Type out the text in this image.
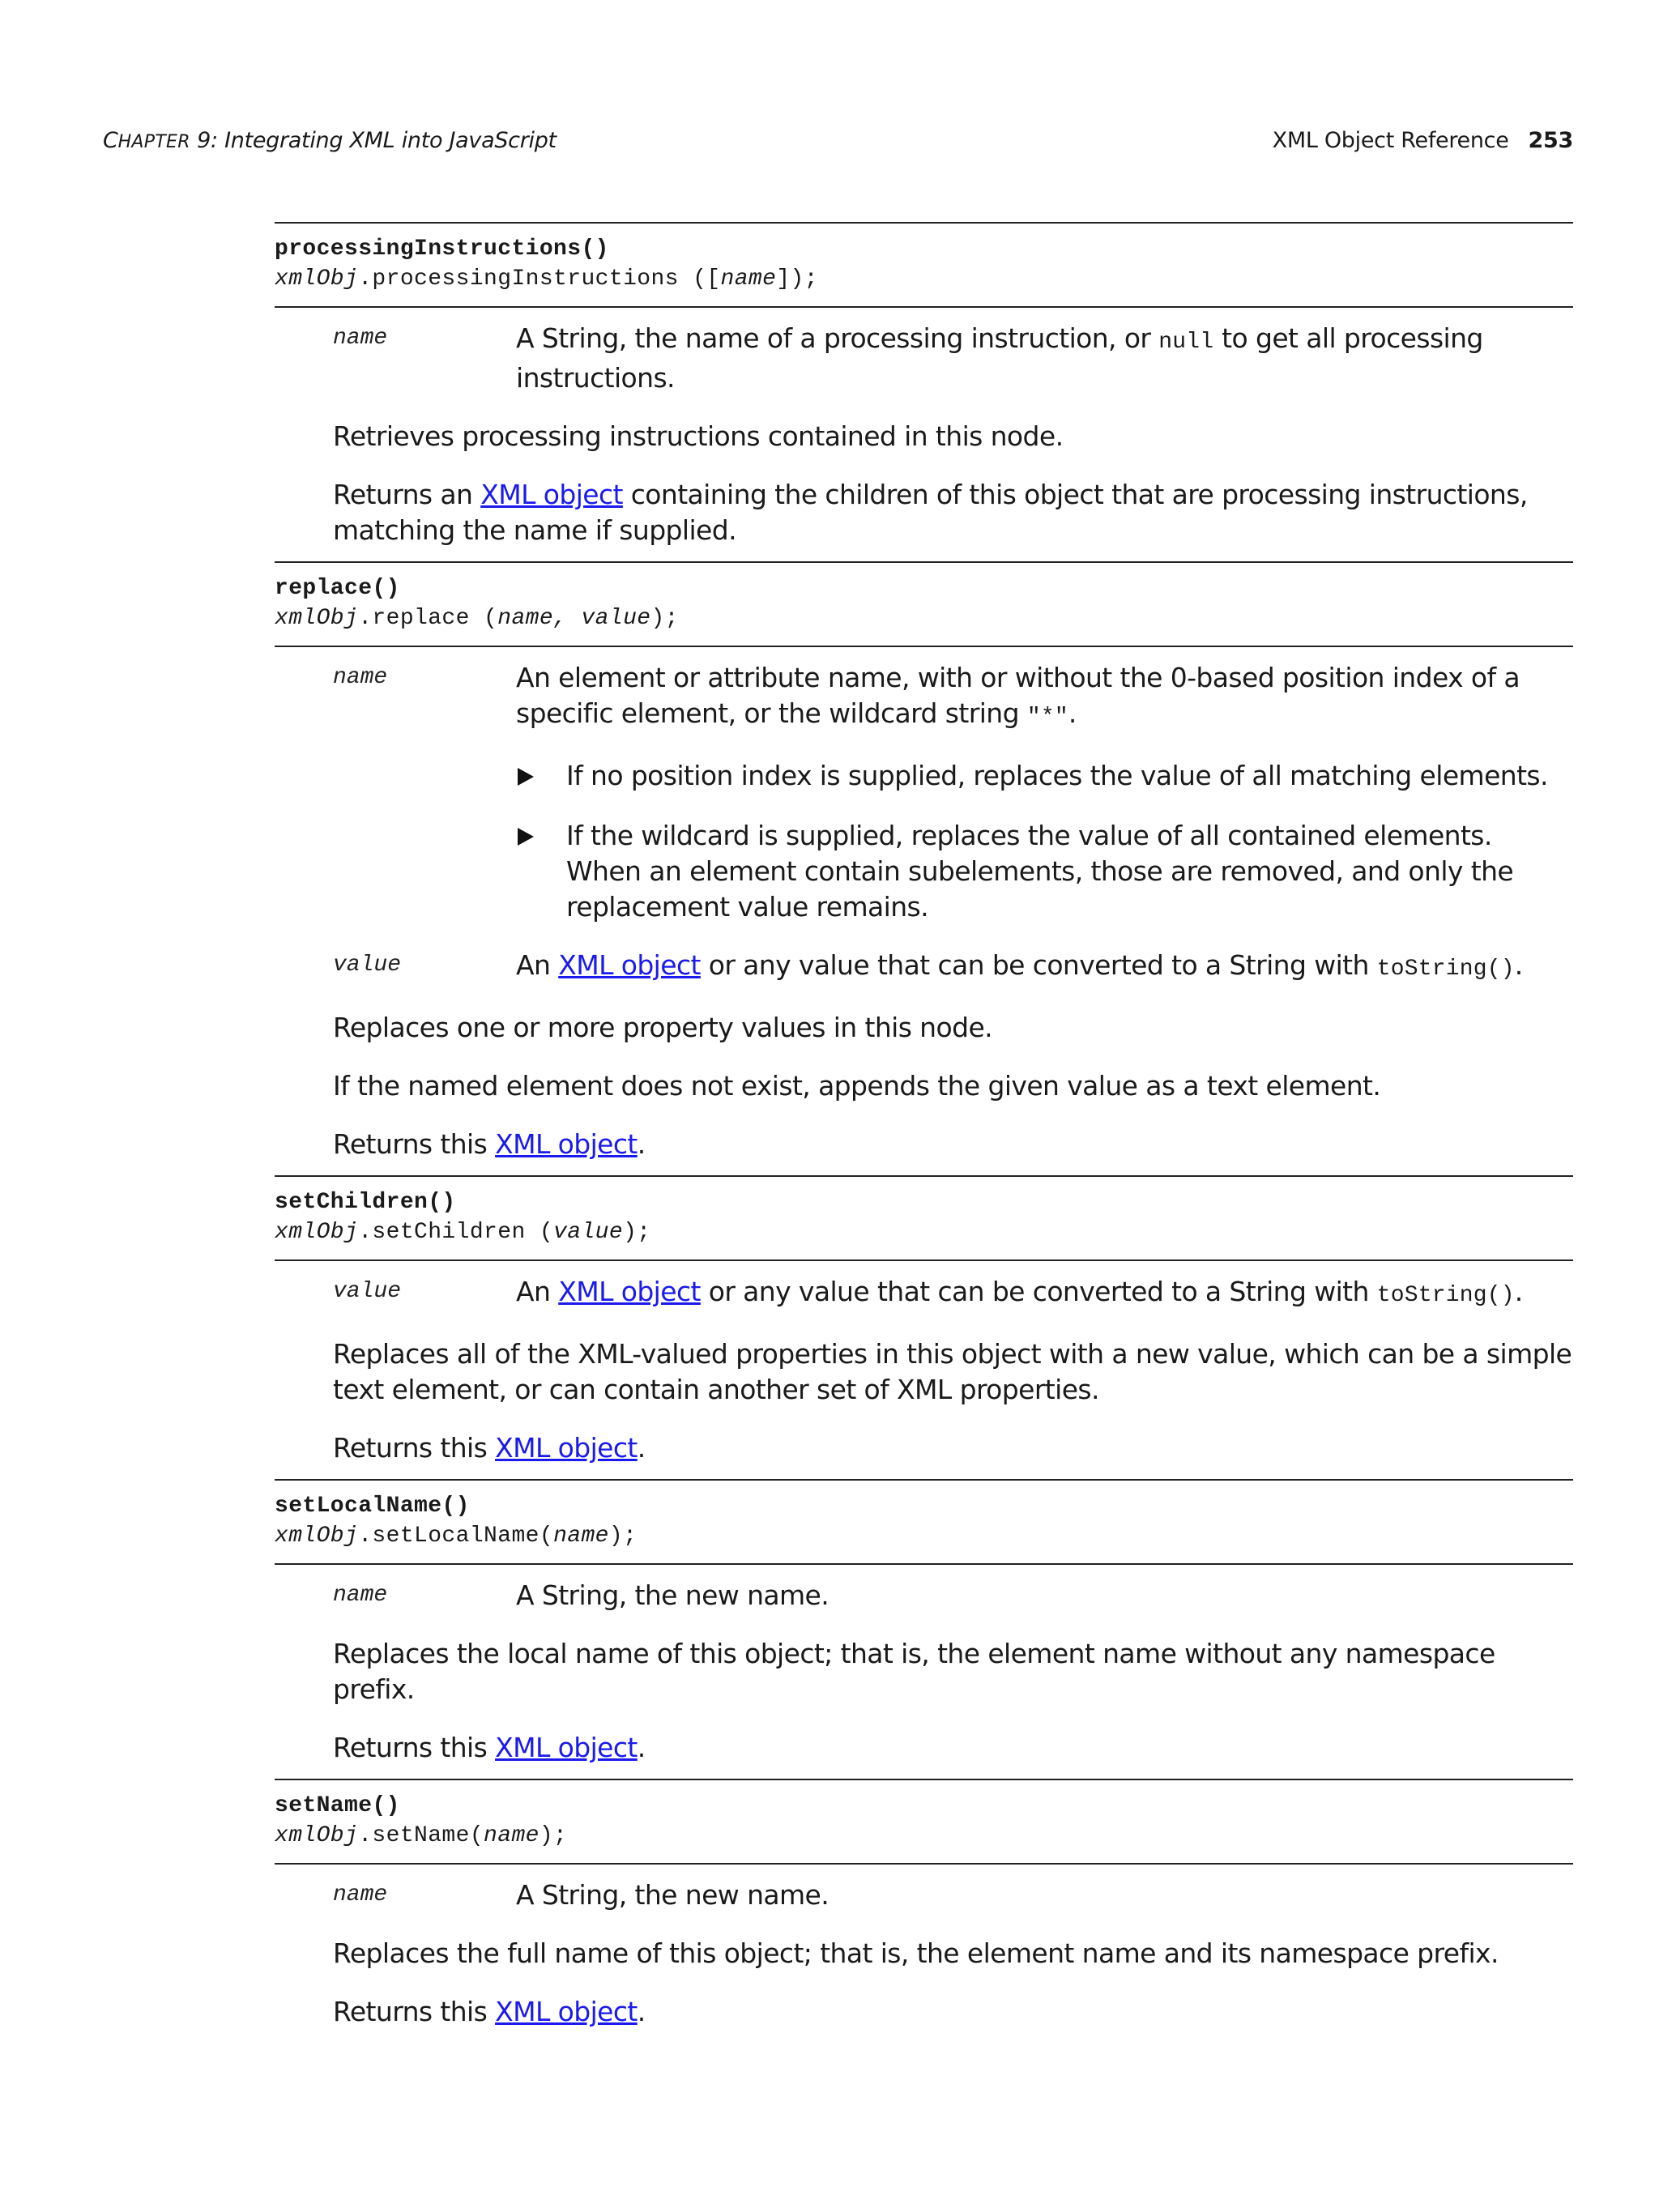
CHAPTER 9: Integrating XML into JavaScript	XML Object Reference 253
processingInstructions()
xmlObj.processingInstructions ([name]);
name	A String, the name of a processing instruction, or null to get all processing instructions.

Retrieves processing instructions contained in this node.

Returns an XML object containing the children of this object that are processing instructions, matching the name if supplied.

replace()
xmlObj.replace (name, value);
name	An element or attribute name, with or without the 0-based position index of a specific element, or the wildcard string "*".

If no position index is supplied, replaces the value of all matching elements.
If the wildcard is supplied, replaces the value of all contained elements. When an element contain subelements, those are removed, and only the replacement value remains.
value	An XML object or any value that can be converted to a String with toString().

Replaces one or more property values in this node.

If the named element does not exist, appends the given value as a text element.

Returns this XML object.

setChildren()
xmlObj.setChildren (value);
value	An XML object or any value that can be converted to a String with toString().

Replaces all of the XML-valued properties in this object with a new value, which can be a simple text element, or can contain another set of XML properties.

Returns this XML object.

setLocalName()
xmlObj.setLocalName(name);
name	A String, the new name.

Replaces the local name of this object; that is, the element name without any namespace prefix.

Returns this XML object.

setName()
xmlObj.setName(name);
name	A String, the new name.

Replaces the full name of this object; that is, the element name and its namespace prefix.

Returns this XML object.
